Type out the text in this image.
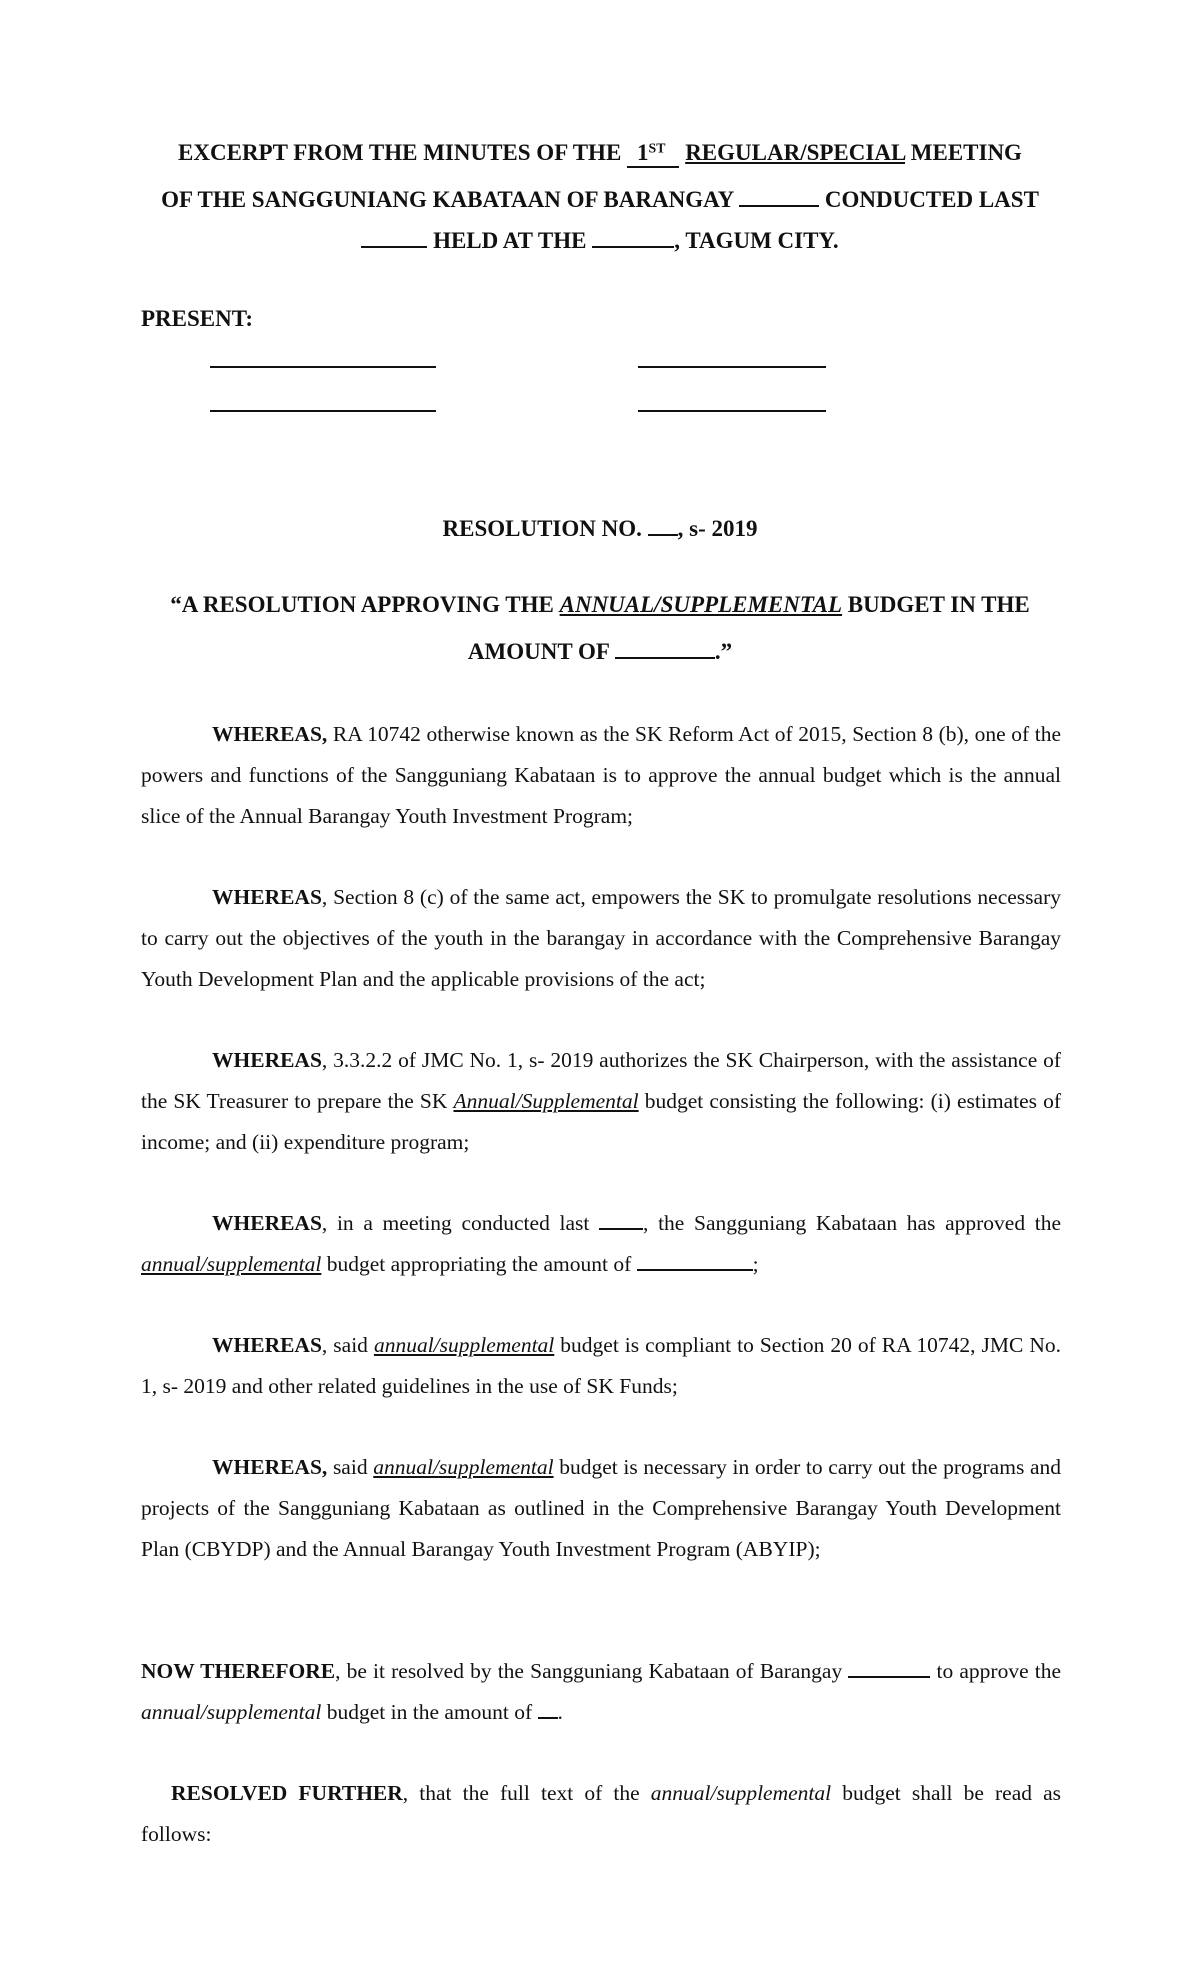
EXCERPT FROM THE MINUTES OF THE 1ST REGULAR/SPECIAL MEETING
OF THE SANGGUNIANG KABATAAN OF BARANGAY	CONDUCTED LAST
HELD AT THE	, TAGUM CITY.
PRESENT:
RESOLUTION NO. , s- 2019
“A RESOLUTION APPROVING THE ANNUAL/SUPPLEMENTAL BUDGET IN THE
AMOUNT OF	.”
WHEREAS, RA 10742 otherwise known as the SK Reform Act of 2015, Section 8 (b), one of the powers and functions of the Sangguniang Kabataan is to approve the annual budget which is the annual slice of the Annual Barangay Youth Investment Program;
WHEREAS, Section 8 (c) of the same act, empowers the SK to promulgate resolutions necessary to carry out the objectives of the youth in the barangay in accordance with the Comprehensive Barangay Youth Development Plan and the applicable provisions of the act;
WHEREAS, 3.3.2.2 of JMC No. 1, s- 2019 authorizes the SK Chairperson, with the assistance of the SK Treasurer to prepare the SK Annual/Supplemental budget consisting the following: (i) estimates of income; and (ii) expenditure program;
WHEREAS, in a meeting conducted last , the Sangguniang Kabataan has approved the annual/supplemental budget appropriating the amount of	;
WHEREAS, said annual/supplemental budget is compliant to Section 20 of RA 10742, JMC No. 1, s- 2019 and other related guidelines in the use of SK Funds;
WHEREAS, said annual/supplemental budget is necessary in order to carry out the programs and projects of the Sangguniang Kabataan as outlined in the Comprehensive Barangay Youth Development Plan (CBYDP) and the Annual Barangay Youth Investment Program (ABYIP);
NOW THEREFORE, be it resolved by the Sangguniang Kabataan of Barangay	to approve the annual/supplemental budget in the amount of .
RESOLVED FURTHER, that the full text of the annual/supplemental budget shall be read as follows:
